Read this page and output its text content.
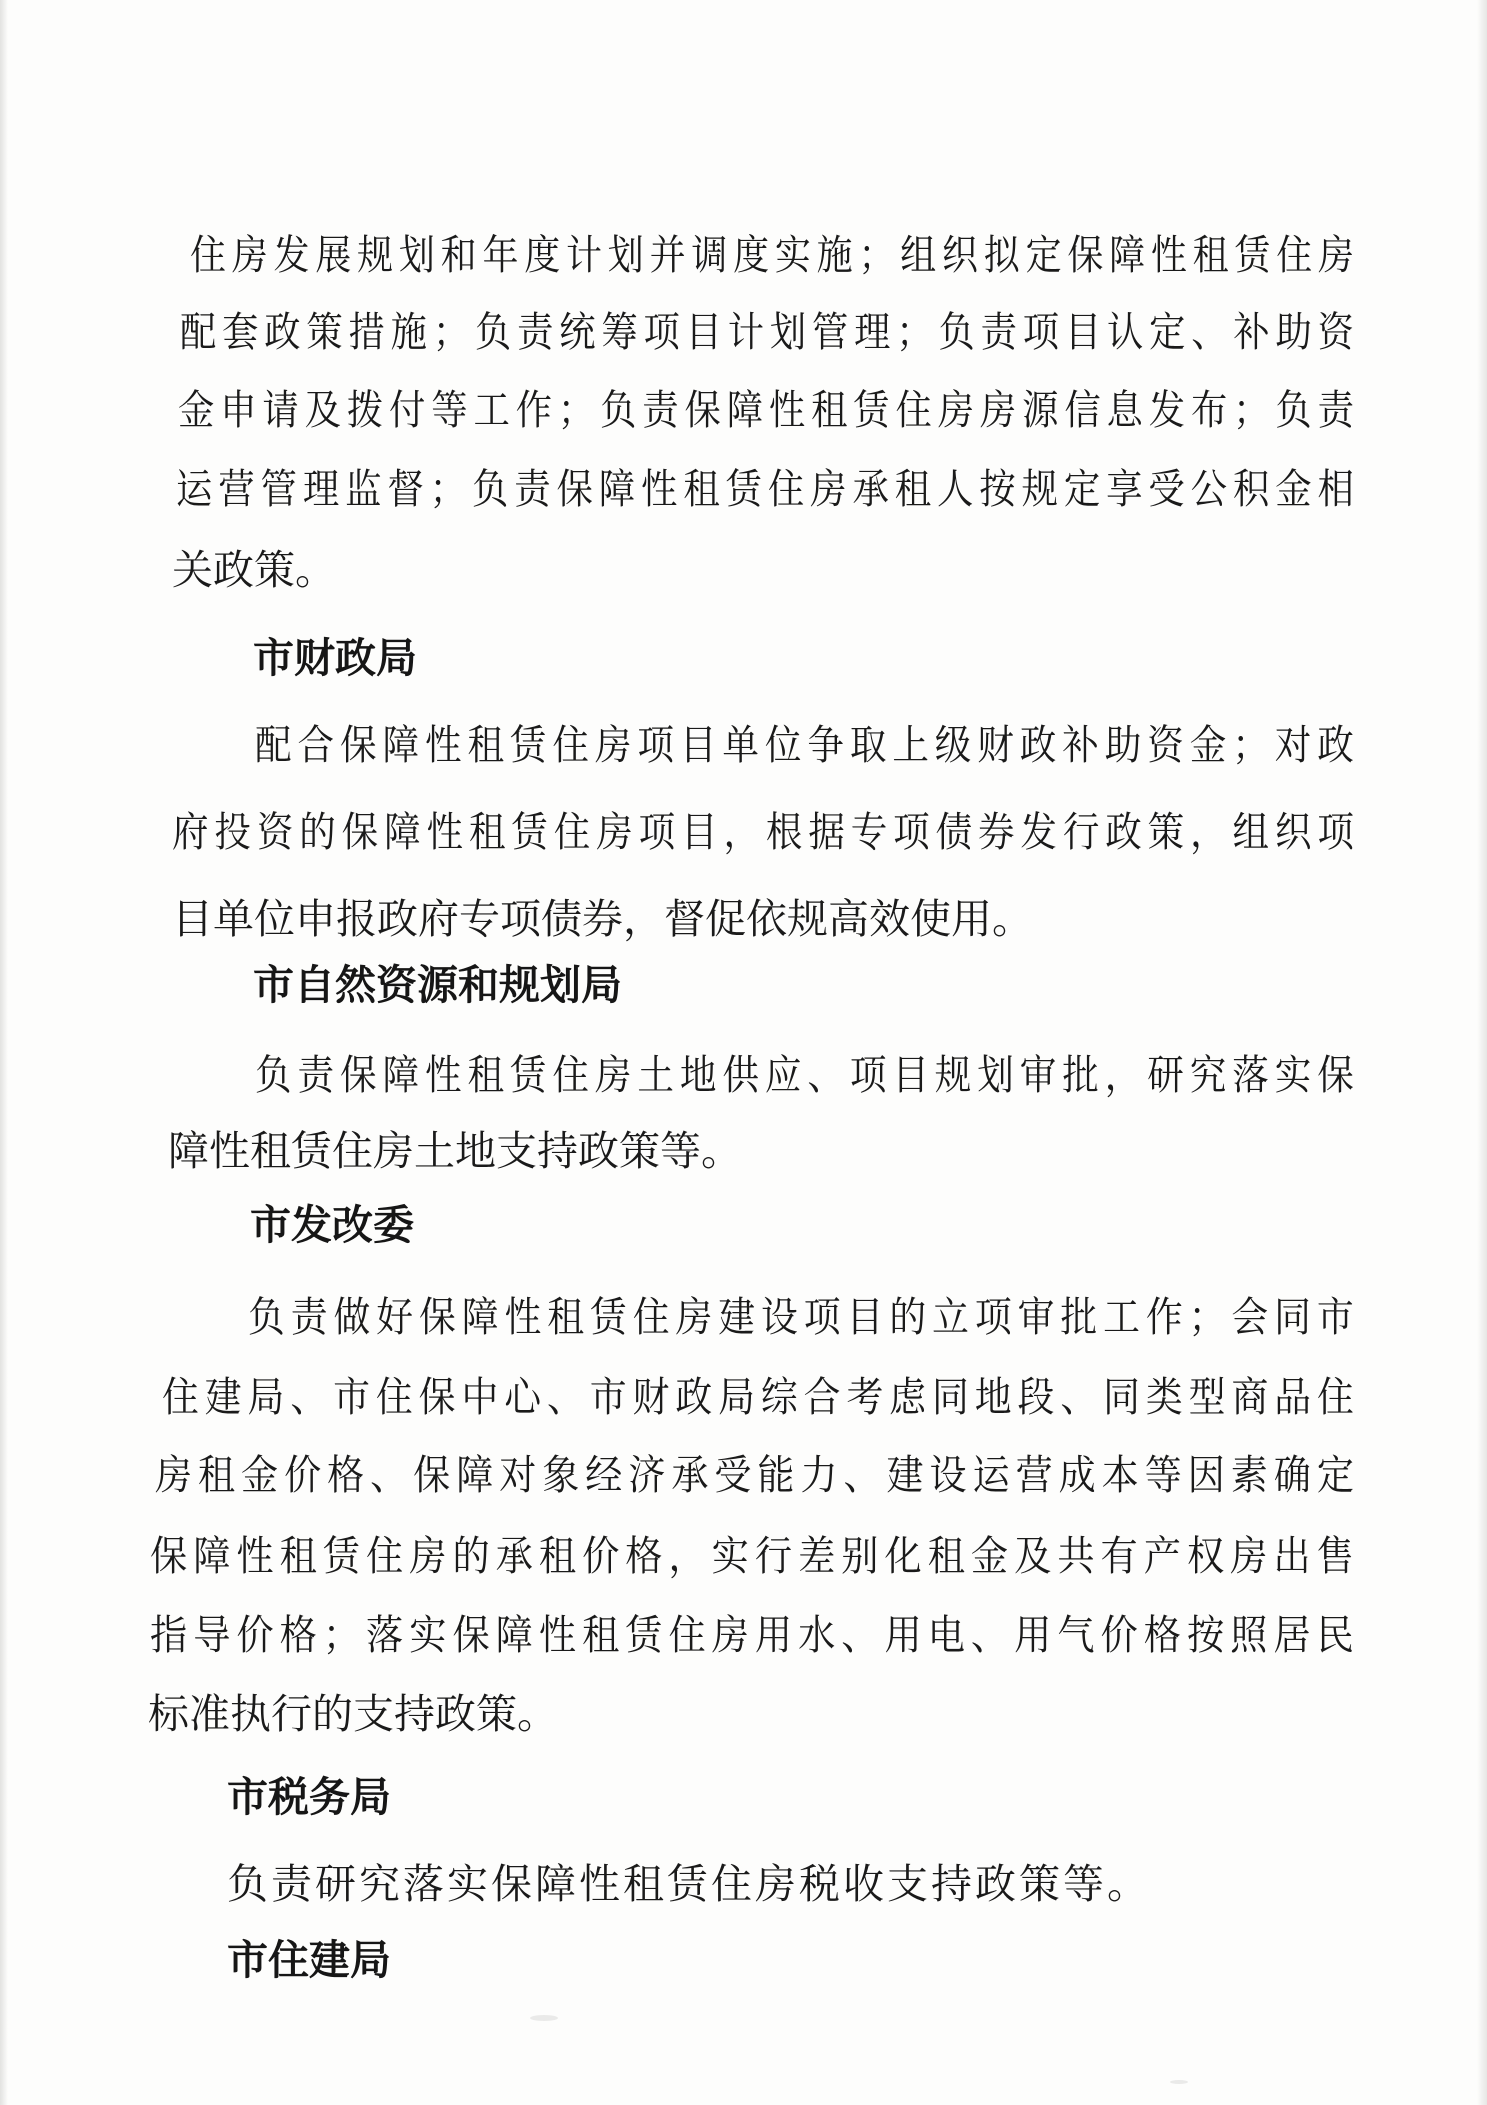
住房发展规划和年度计划并调度实施；组织拟定保障性租赁住房
配套政策措施；负责统筹项目计划管理；负责项目认定、补助资
金申请及拨付等工作；负责保障性租赁住房房源信息发布；负责
运营管理监督；负责保障性租赁住房承租人按规定享受公积金相
关政策。
市财政局
配合保障性租赁住房项目单位争取上级财政补助资金；对政
府投资的保障性租赁住房项目，根据专项债券发行政策，组织项
目单位申报政府专项债券，督促依规高效使用。
市自然资源和规划局
负责保障性租赁住房土地供应、项目规划审批，研究落实保
障性租赁住房土地支持政策等。
市发改委
负责做好保障性租赁住房建设项目的立项审批工作；会同市
住建局、市住保中心、市财政局综合考虑同地段、同类型商品住
房租金价格、保障对象经济承受能力、建设运营成本等因素确定
保障性租赁住房的承租价格，实行差别化租金及共有产权房出售
指导价格；落实保障性租赁住房用水、用电、用气价格按照居民
标准执行的支持政策。
市税务局
负责研究落实保障性租赁住房税收支持政策等。
市住建局
